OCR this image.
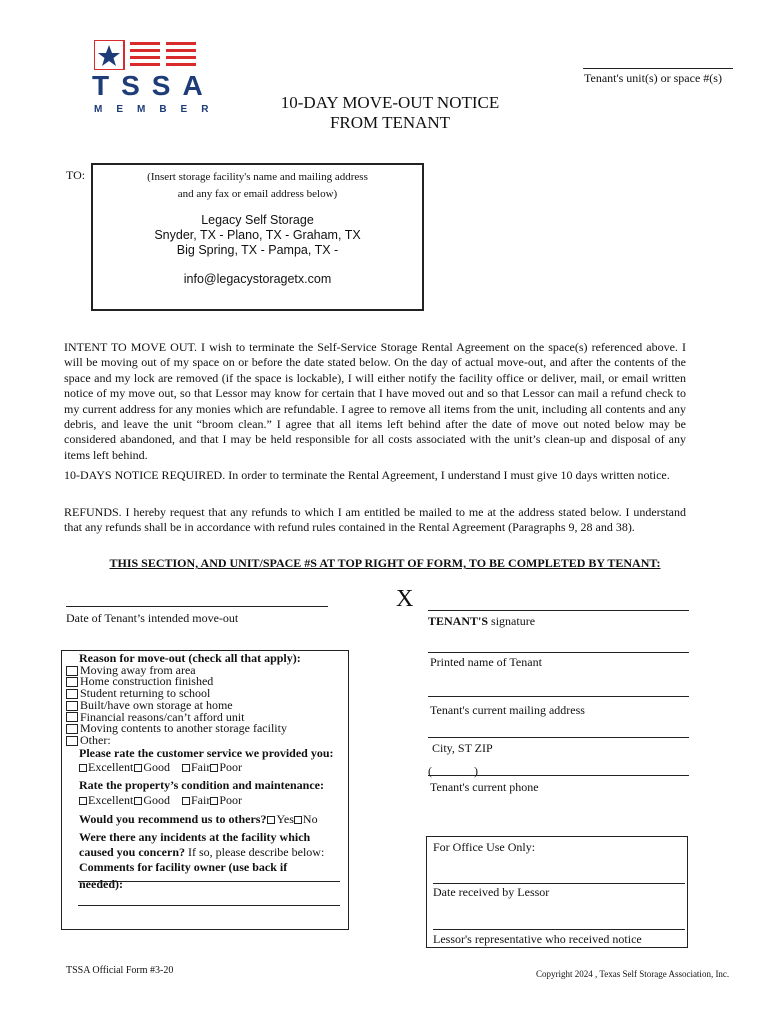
TSSA
MEMBER
Tenant's unit(s) or space #(s)
10-DAY MOVE-OUT NOTICE
FROM TENANT
TO:	(Insert storage facility's name and mailing address
and any fax or email address below)
Legacy Self Storage
Snyder, TX - Plano, TX - Graham, TX
Big Spring, TX - Pampa, TX -
info@legacystoragetx.com
INTENT TO MOVE OUT. I wish to terminate the Self-Service Storage Rental Agreement on the space(s) referenced above. I will be moving out of my space on or before the date stated below. On the day of actual move-out, and after the contents of the space and my lock are removed (if the space is lockable), I will either notify the facility office or deliver, mail, or email written notice of my move out, so that Lessor may know for certain that I have moved out and so that Lessor can mail a refund check to my current address for any monies which are refundable. I agree to remove all items from the unit, including all contents and any debris, and leave the unit “broom clean.” I agree that all items left behind after the date of move out noted below may be considered abandoned, and that I may be held responsible for all costs associated with the unit’s clean-up and disposal of any items left behind.
10-DAYS NOTICE REQUIRED. In order to terminate the Rental Agreement, I understand I must give 10 days written notice.
REFUNDS. I hereby request that any refunds to which I am entitled be mailed to me at the address stated below. I understand that any refunds shall be in accordance with refund rules contained in the Rental Agreement (Paragraphs 9, 28 and 38).
THIS SECTION, AND UNIT/SPACE #S AT TOP RIGHT OF FORM, TO BE COMPLETED BY TENANT:
Date of Tenant’s intended move-out
X
TENANT'S signature
Printed name of Tenant
Tenant's current mailing address
City, ST ZIP
(              )
Tenant's current phone
Reason for move-out (check all that apply):
Moving away from area
Home construction finished
Student returning to school
Built/have own storage at home
Financial reasons/can’t afford unit
Moving contents to another storage facility
Other:
Please rate the customer service we provided you:
Excellent Good Fair Poor
Rate the property’s condition and maintenance:
Excellent Good Fair Poor
Would you recommend us to others? Yes No
Were there any incidents at the facility which
caused you concern? If so, please describe below:
Comments for facility owner (use back if
needed):
For Office Use Only:
Date received by Lessor
Lessor's representative who received notice
TSSA Official Form #3-20	Copyright 2024 , Texas Self Storage Association, Inc.
